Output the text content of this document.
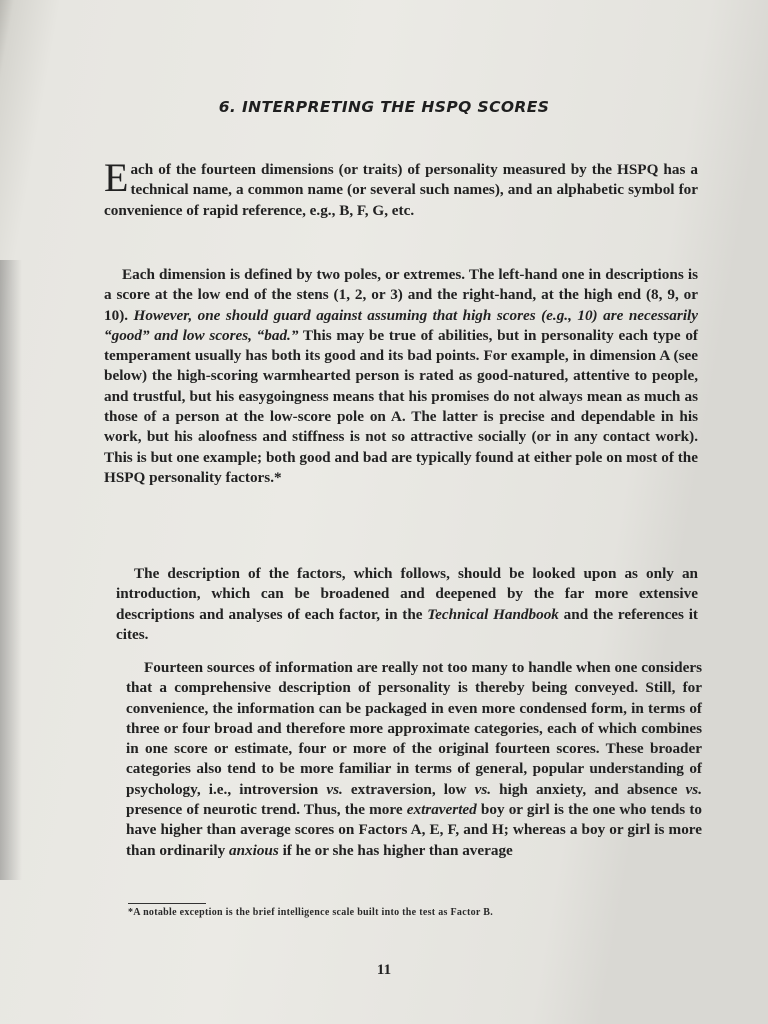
6. INTERPRETING THE HSPQ SCORES

Each of the fourteen dimensions (or traits) of personality measured by the HSPQ has a technical name, a common name (or several such names), and an alphabetic symbol for convenience of rapid reference, e.g., B, F, G, etc.

Each dimension is defined by two poles, or extremes. The left-hand one in descriptions is a score at the low end of the stens (1, 2, or 3) and the right-hand, at the high end (8, 9, or 10). However, one should guard against assuming that high scores (e.g., 10) are necessarily “good” and low scores, “bad.” This may be true of abilities, but in personality each type of temperament usually has both its good and its bad points. For example, in dimension A (see below) the high-scoring warmhearted person is rated as good-natured, attentive to people, and trustful, but his easygoingness means that his promises do not always mean as much as those of a person at the low-score pole on A. The latter is precise and dependable in his work, but his aloofness and stiffness is not so attractive socially (or in any contact work). This is but one example; both good and bad are typically found at either pole on most of the HSPQ personality factors.*

The description of the factors, which follows, should be looked upon as only an introduction, which can be broadened and deepened by the far more extensive descriptions and analyses of each factor, in the Technical Handbook and the references it cites.

Fourteen sources of information are really not too many to handle when one considers that a comprehensive description of personality is thereby being conveyed. Still, for convenience, the information can be packaged in even more condensed form, in terms of three or four broad and therefore more approximate categories, each of which combines in one score or estimate, four or more of the original fourteen scores. These broader categories also tend to be more familiar in terms of general, popular understanding of psychology, i.e., introversion vs. extraversion, low vs. high anxiety, and absence vs. presence of neurotic trend. Thus, the more extraverted boy or girl is the one who tends to have higher than average scores on Factors A, E, F, and H; whereas a boy or girl is more than ordinarily anxious if he or she has higher than average

*A notable exception is the brief intelligence scale built into the test as Factor B.
11
